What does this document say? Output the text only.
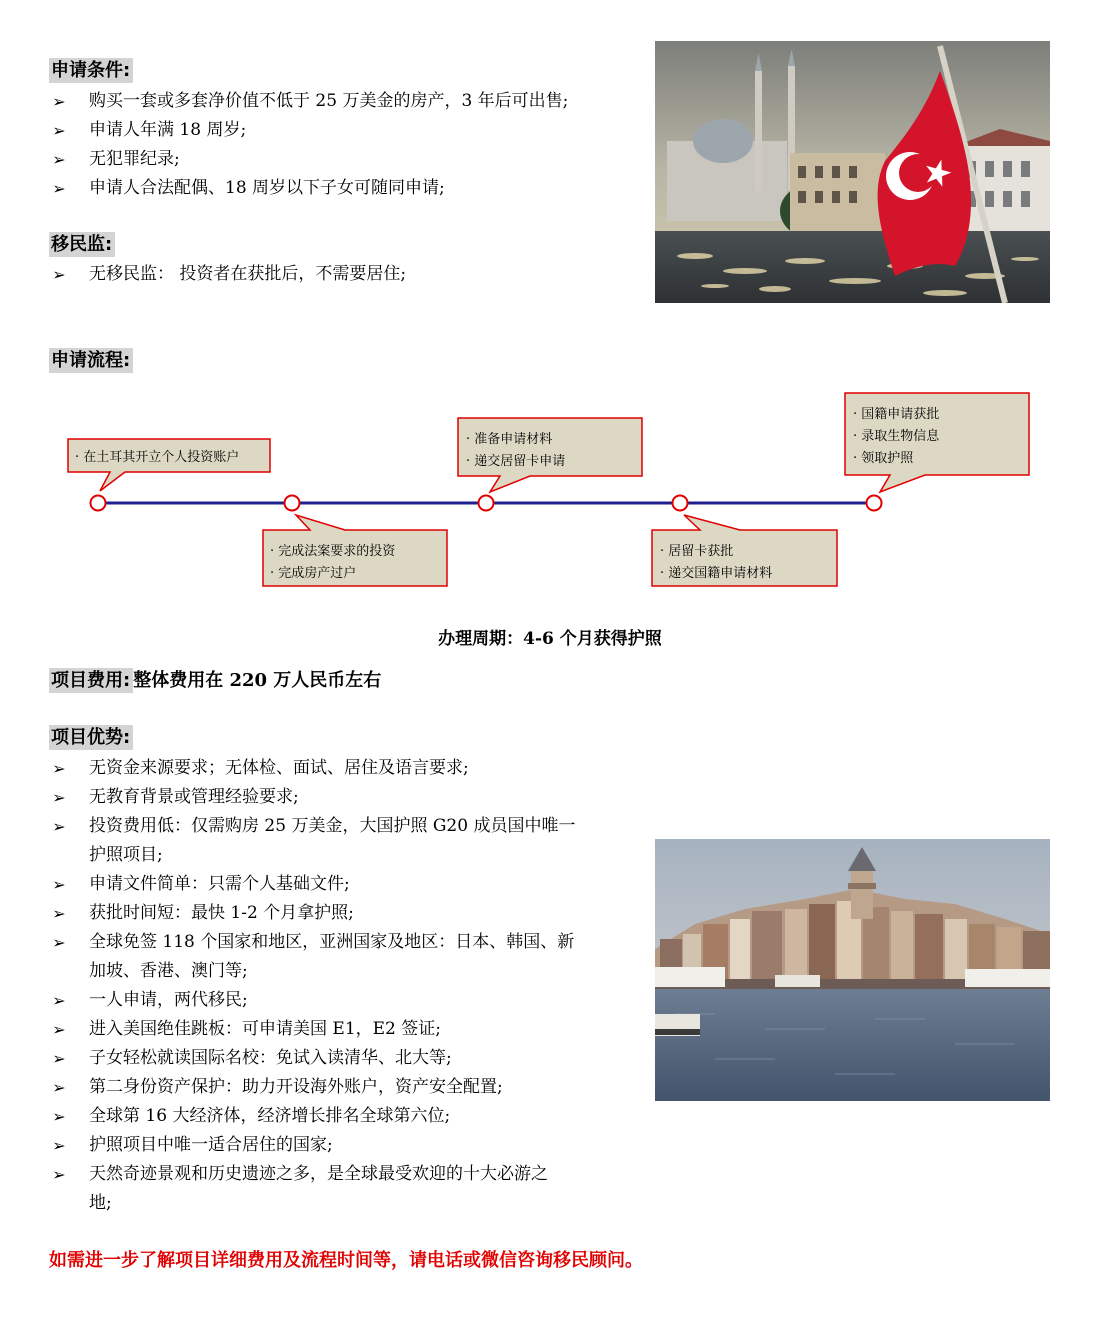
申请条件:
➢ 购买一套或多套净价值不低于 25 万美金的房产，3 年后可出售;
➢ 申请人年满 18 周岁;
➢ 无犯罪纪录;
➢ 申请人合法配偶、18 周岁以下子女可随同申请;
移民监:
➢ 无移民监： 投资者在获批后，不需要居住;
申请流程:
· 在土耳其开立个人投资账户
· 完成法案要求的投资
· 完成房产过户
· 准备申请材料
· 递交居留卡申请
· 居留卡获批
· 递交国籍申请材料
· 国籍申请获批
· 录取生物信息
· 领取护照
办理周期：4-6 个月获得护照
项目费用: 整体费用在 220 万人民币左右
项目优势:
➢ 无资金来源要求；无体检、面试、居住及语言要求;
➢ 无教育背景或管理经验要求;
➢ 投资费用低：仅需购房 25 万美金，大国护照 G20 成员国中唯一
护照项目;
➢ 申请文件简单：只需个人基础文件;
➢ 获批时间短：最快 1-2 个月拿护照;
➢ 全球免签 118 个国家和地区，亚洲国家及地区：日本、韩国、新
加坡、香港、澳门等;
➢ 一人申请，两代移民;
➢ 进入美国绝佳跳板：可申请美国 E1，E2 签证;
➢ 子女轻松就读国际名校：免试入读清华、北大等;
➢ 第二身份资产保护：助力开设海外账户，资产安全配置;
➢ 全球第 16 大经济体，经济增长排名全球第六位;
➢ 护照项目中唯一适合居住的国家;
➢ 天然奇迹景观和历史遗迹之多，是全球最受欢迎的十大必游之
地;
如需进一步了解项目详细费用及流程时间等，请电话或微信咨询移民顾问。
